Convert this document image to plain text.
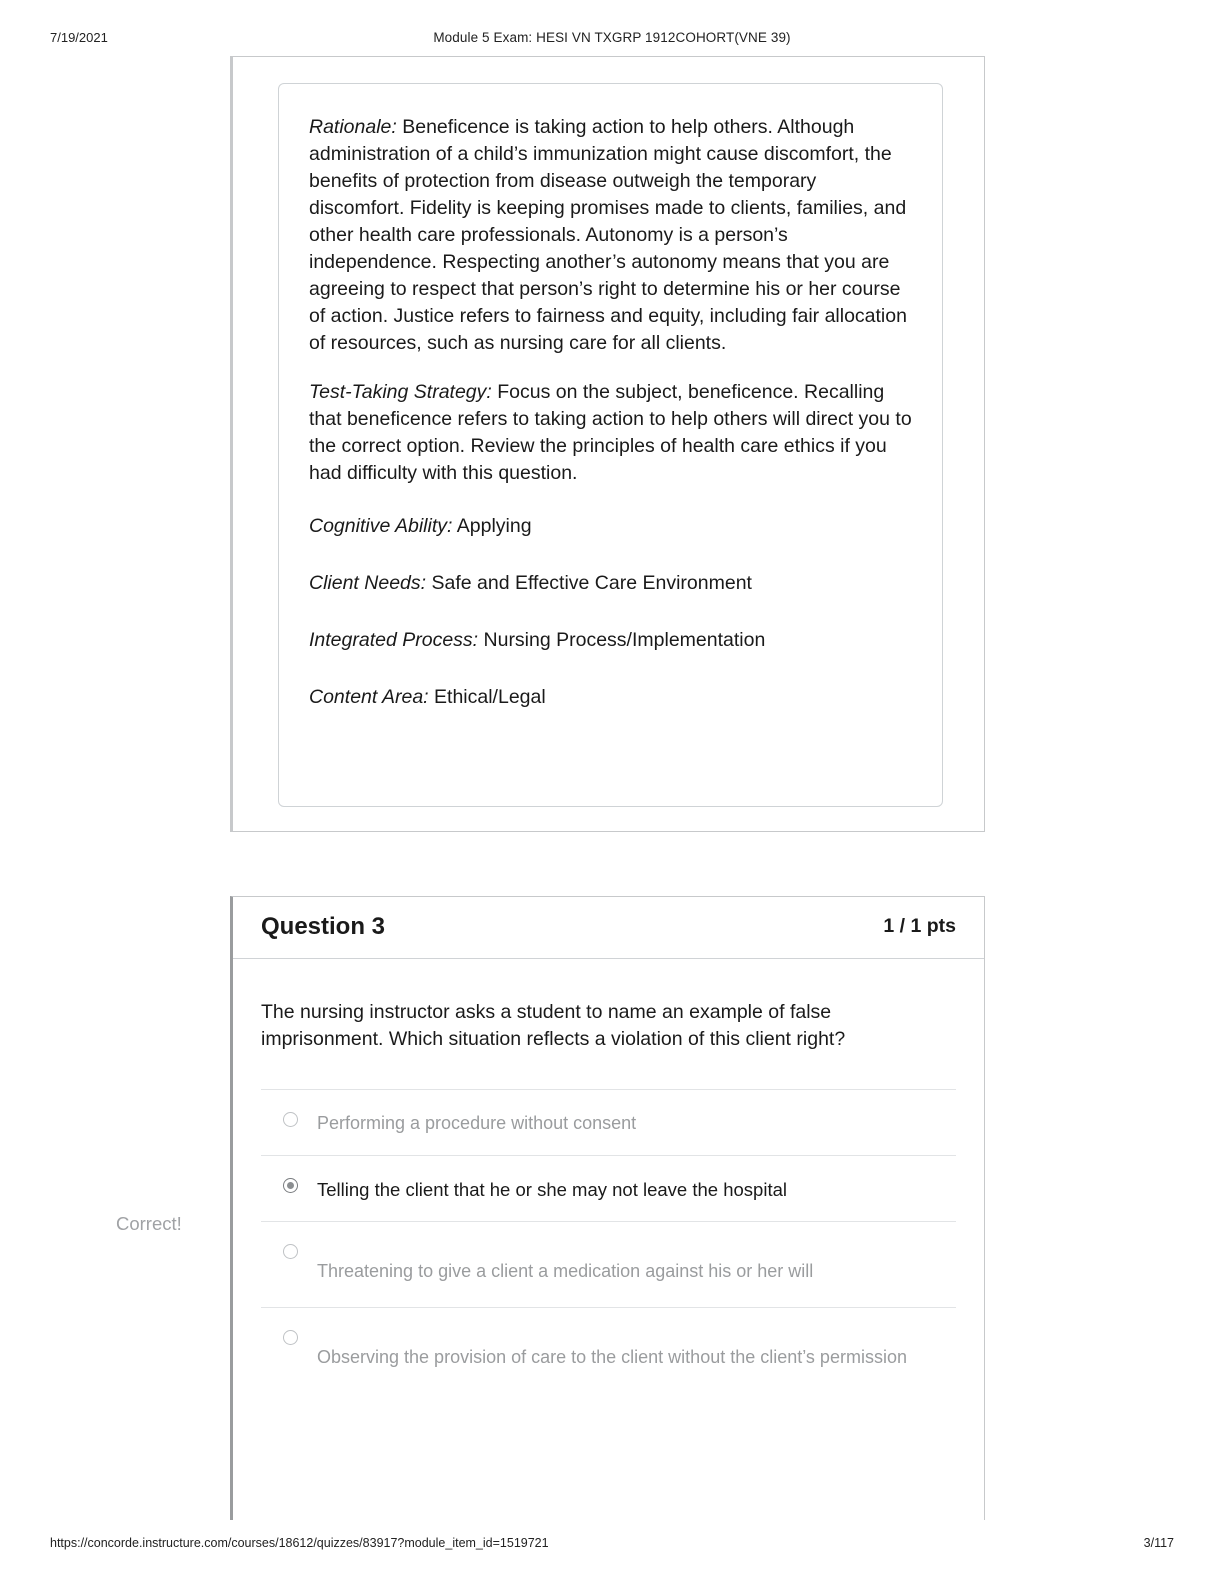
7/19/2021	Module 5 Exam: HESI VN TXGRP 1912COHORT(VNE 39)

Rationale: Beneficence is taking action to help others. Although administration of a child’s immunization might cause discomfort, the benefits of protection from disease outweigh the temporary discomfort. Fidelity is keeping promises made to clients, families, and other health care professionals. Autonomy is a person’s independence. Respecting another’s autonomy means that you are agreeing to respect that person’s right to determine his or her course of action. Justice refers to fairness and equity, including fair allocation of resources, such as nursing care for all clients.

Test-Taking Strategy: Focus on the subject, beneficence. Recalling that beneficence refers to taking action to help others will direct you to the correct option. Review the principles of health care ethics if you had difficulty with this question.

Cognitive Ability: Applying

Client Needs: Safe and Effective Care Environment

Integrated Process: Nursing Process/Implementation

Content Area: Ethical/Legal

Question 3	1 / 1 pts

The nursing instructor asks a student to name an example of false imprisonment. Which situation reflects a violation of this client right?

Performing a procedure without consent
Telling the client that he or she may not leave the hospital
Threatening to give a client a medication against his or her will
Observing the provision of care to the client without the client’s permission
Correct!
https://concorde.instructure.com/courses/18612/quizzes/83917?module_item_id=1519721	3/117
